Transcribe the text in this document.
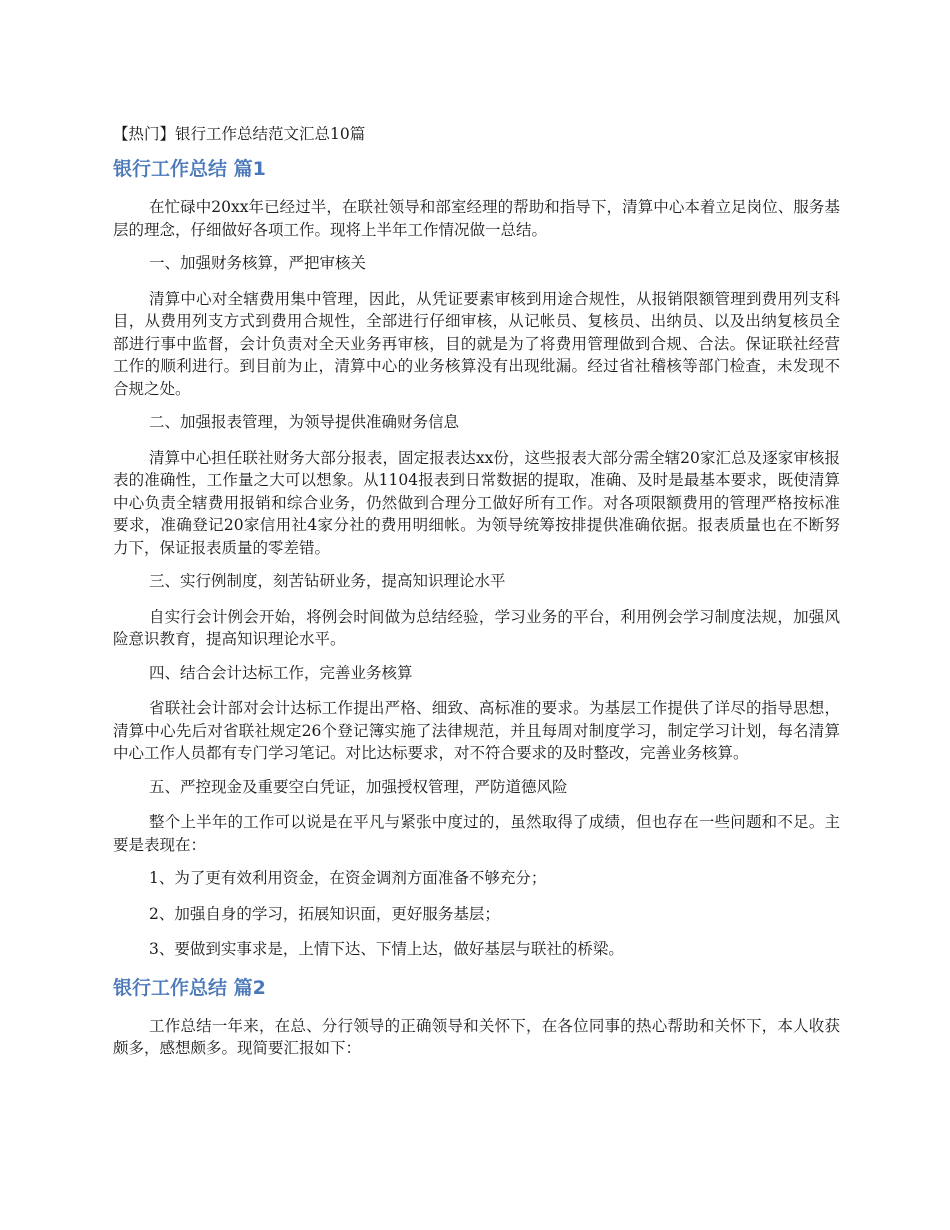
【热门】银行工作总结范文汇总10篇
银行工作总结 篇1

在忙碌中20xx年已经过半，在联社领导和部室经理的帮助和指导下，清算中心本着立足岗位、服务基层的理念，仔细做好各项工作。现将上半年工作情况做一总结。

一、加强财务核算，严把审核关

清算中心对全辖费用集中管理，因此，从凭证要素审核到用途合规性，从报销限额管理到费用列支科目，从费用列支方式到费用合规性，全部进行仔细审核，从记帐员、复核员、出纳员、以及出纳复核员全部进行事中监督，会计负责对全天业务再审核，目的就是为了将费用管理做到合规、合法。保证联社经营工作的顺利进行。到目前为止，清算中心的业务核算没有出现纰漏。经过省社稽核等部门检查，未发现不合规之处。

二、加强报表管理，为领导提供准确财务信息

清算中心担任联社财务大部分报表，固定报表达xx份，这些报表大部分需全辖20家汇总及逐家审核报表的准确性，工作量之大可以想象。从1104报表到日常数据的提取，准确、及时是最基本要求，既使清算中心负责全辖费用报销和综合业务，仍然做到合理分工做好所有工作。对各项限额费用的管理严格按标准要求，准确登记20家信用社4家分社的费用明细帐。为领导统筹按排提供准确依据。报表质量也在不断努力下，保证报表质量的零差错。

三、实行例制度，刻苦钻研业务，提高知识理论水平

自实行会计例会开始，将例会时间做为总结经验，学习业务的平台，利用例会学习制度法规，加强风险意识教育，提高知识理论水平。

四、结合会计达标工作，完善业务核算

省联社会计部对会计达标工作提出严格、细致、高标准的要求。为基层工作提供了详尽的指导思想，清算中心先后对省联社规定26个登记簿实施了法律规范，并且每周对制度学习，制定学习计划，每名清算中心工作人员都有专门学习笔记。对比达标要求，对不符合要求的及时整改，完善业务核算。

五、严控现金及重要空白凭证，加强授权管理，严防道德风险

整个上半年的工作可以说是在平凡与紧张中度过的，虽然取得了成绩，但也存在一些问题和不足。主要是表现在：

1、为了更有效利用资金，在资金调剂方面准备不够充分；
2、加强自身的学习，拓展知识面，更好服务基层；
3、要做到实事求是，上情下达、下情上达，做好基层与联社的桥梁。
银行工作总结 篇2

工作总结一年来，在总、分行领导的正确领导和关怀下，在各位同事的热心帮助和关怀下，本人收获颇多，感想颇多。现简要汇报如下：
